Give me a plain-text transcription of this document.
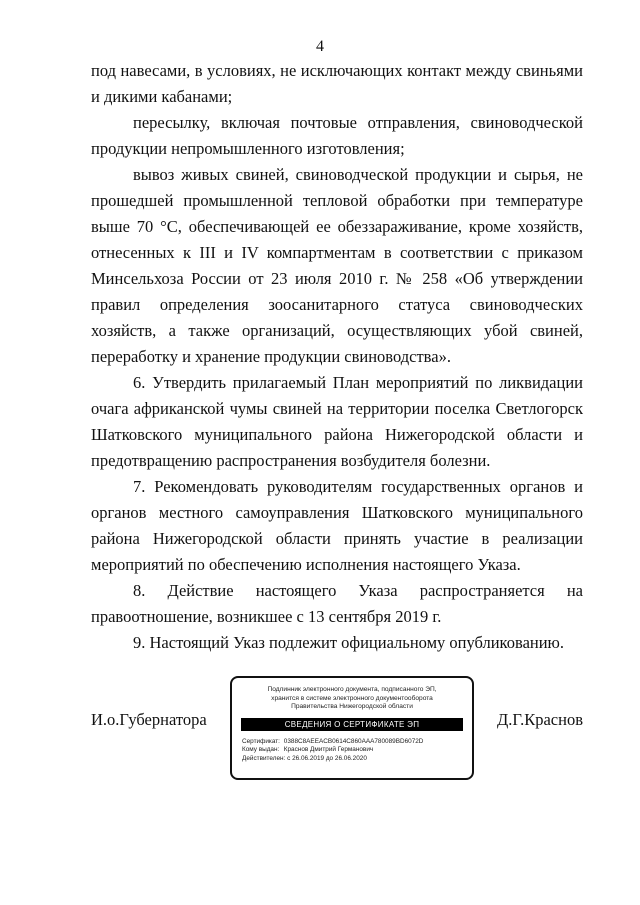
4

под навесами, в условиях, не исключающих контакт между свиньями и дикими кабанами;

пересылку, включая почтовые отправления, свиноводческой продукции непромышленного изготовления;

вывоз живых свиней, свиноводческой продукции и сырья, не прошедшей промышленной тепловой обработки при температуре выше 70 °С, обеспечивающей ее обеззараживание, кроме хозяйств, отнесенных к III и IV компартментам в соответствии с приказом Минсельхоза России от 23 июля 2010 г. № 258 «Об утверждении правил определения зоосанитарного статуса свиноводческих хозяйств, а также организаций, осуществляющих убой свиней, переработку и хранение продукции свиноводства».

6. Утвердить прилагаемый План мероприятий по ликвидации очага африканской чумы свиней на территории поселка Светлогорск Шатковского муниципального района Нижегородской области и предотвращению распространения возбудителя болезни.

7. Рекомендовать руководителям государственных органов и органов местного самоуправления Шатковского муниципального района Нижегородской области принять участие в реализации мероприятий по обеспечению исполнения настоящего Указа.

8. Действие настоящего Указа распространяется на правоотношение, возникшее с 13 сентября 2019 г.

9. Настоящий Указ подлежит официальному опубликованию.

И.о.Губернатора	Д.Г.Краснов
Подлинник электронного документа, подписанного ЭП,
хранится в системе электронного документооборота
Правительства Нижегородской области
СВЕДЕНИЯ О СЕРТИФИКАТЕ ЭП
Сертификат: 0388C8AEEACB0614C860AAA780089BD6072D
Кому выдан: Краснов Дмитрий Германович
Действителен: с 26.06.2019 до 26.06.2020
